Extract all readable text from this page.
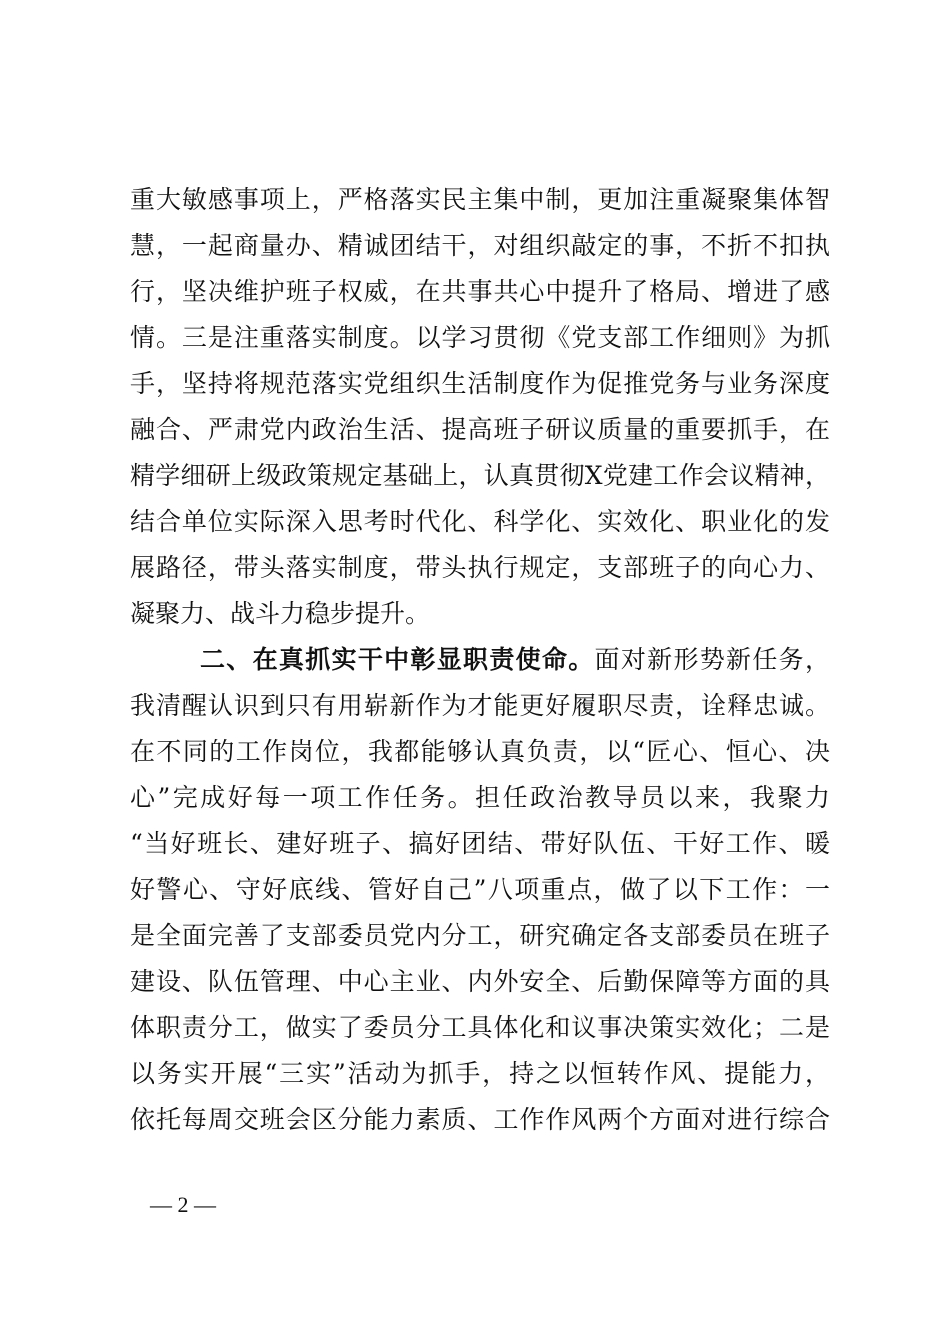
重大敏感事项上，严格落实民主集中制，更加注重凝聚集体智
慧，一起商量办、精诚团结干，对组织敲定的事，不折不扣执
行，坚决维护班子权威，在共事共心中提升了格局、增进了感
情。三是注重落实制度。以学习贯彻《党支部工作细则》为抓
手，坚持将规范落实党组织生活制度作为促推党务与业务深度
融合、严肃党内政治生活、提高班子研议质量的重要抓手，在
精学细研上级政策规定基础上，认真贯彻X党建工作会议精神，
结合单位实际深入思考时代化、科学化、实效化、职业化的发
展路径，带头落实制度，带头执行规定，支部班子的向心力、
凝聚力、战斗力稳步提升。
二、在真抓实干中彰显职责使命。面对新形势新任务，
我清醒认识到只有用崭新作为才能更好履职尽责，诠释忠诚。
在不同的工作岗位，我都能够认真负责，以“匠心、恒心、决
心”完成好每一项工作任务。担任政治教导员以来，我聚力
“当好班长、建好班子、搞好团结、带好队伍、干好工作、暖
好警心、守好底线、管好自己”八项重点，做了以下工作：一
是全面完善了支部委员党内分工，研究确定各支部委员在班子
建设、队伍管理、中心主业、内外安全、后勤保障等方面的具
体职责分工，做实了委员分工具体化和议事决策实效化；二是
以务实开展“三实”活动为抓手，持之以恒转作风、提能力，
依托每周交班会区分能力素质、工作作风两个方面对进行综合
— 2 —
